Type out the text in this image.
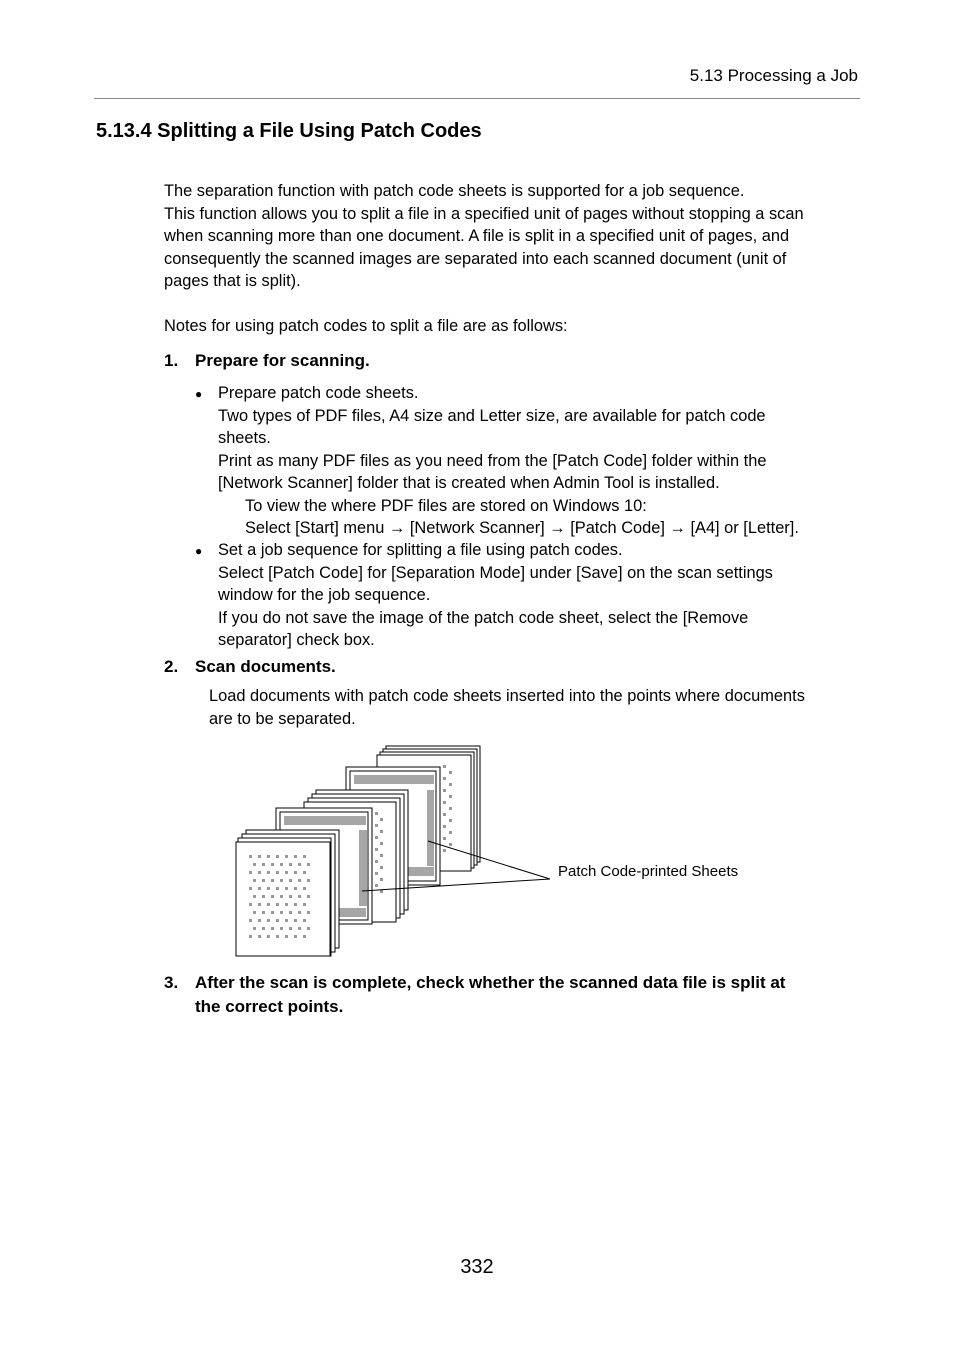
5.13 Processing a Job
5.13.4 Splitting a File Using Patch Codes
The separation function with patch code sheets is supported for a job sequence.
This function allows you to split a file in a specified unit of pages without stopping a scan
when scanning more than one document. A file is split in a specified unit of pages, and
consequently the scanned images are separated into each scanned document (unit of
pages that is split).
Notes for using patch codes to split a file are as follows:
1. Prepare for scanning.
● Prepare patch code sheets.
Two types of PDF files, A4 size and Letter size, are available for patch code
sheets.
Print as many PDF files as you need from the [Patch Code] folder within the
[Network Scanner] folder that is created when Admin Tool is installed.
To view the where PDF files are stored on Windows 10:
Select [Start] menu → [Network Scanner] → [Patch Code] → [A4] or [Letter].
● Set a job sequence for splitting a file using patch codes.
Select [Patch Code] for [Separation Mode] under [Save] on the scan settings
window for the job sequence.
If you do not save the image of the patch code sheet, select the [Remove
separator] check box.
2. Scan documents.
Load documents with patch code sheets inserted into the points where documents
are to be separated.
Patch Code-printed Sheets
3. After the scan is complete, check whether the scanned data file is split at
the correct points.
332
